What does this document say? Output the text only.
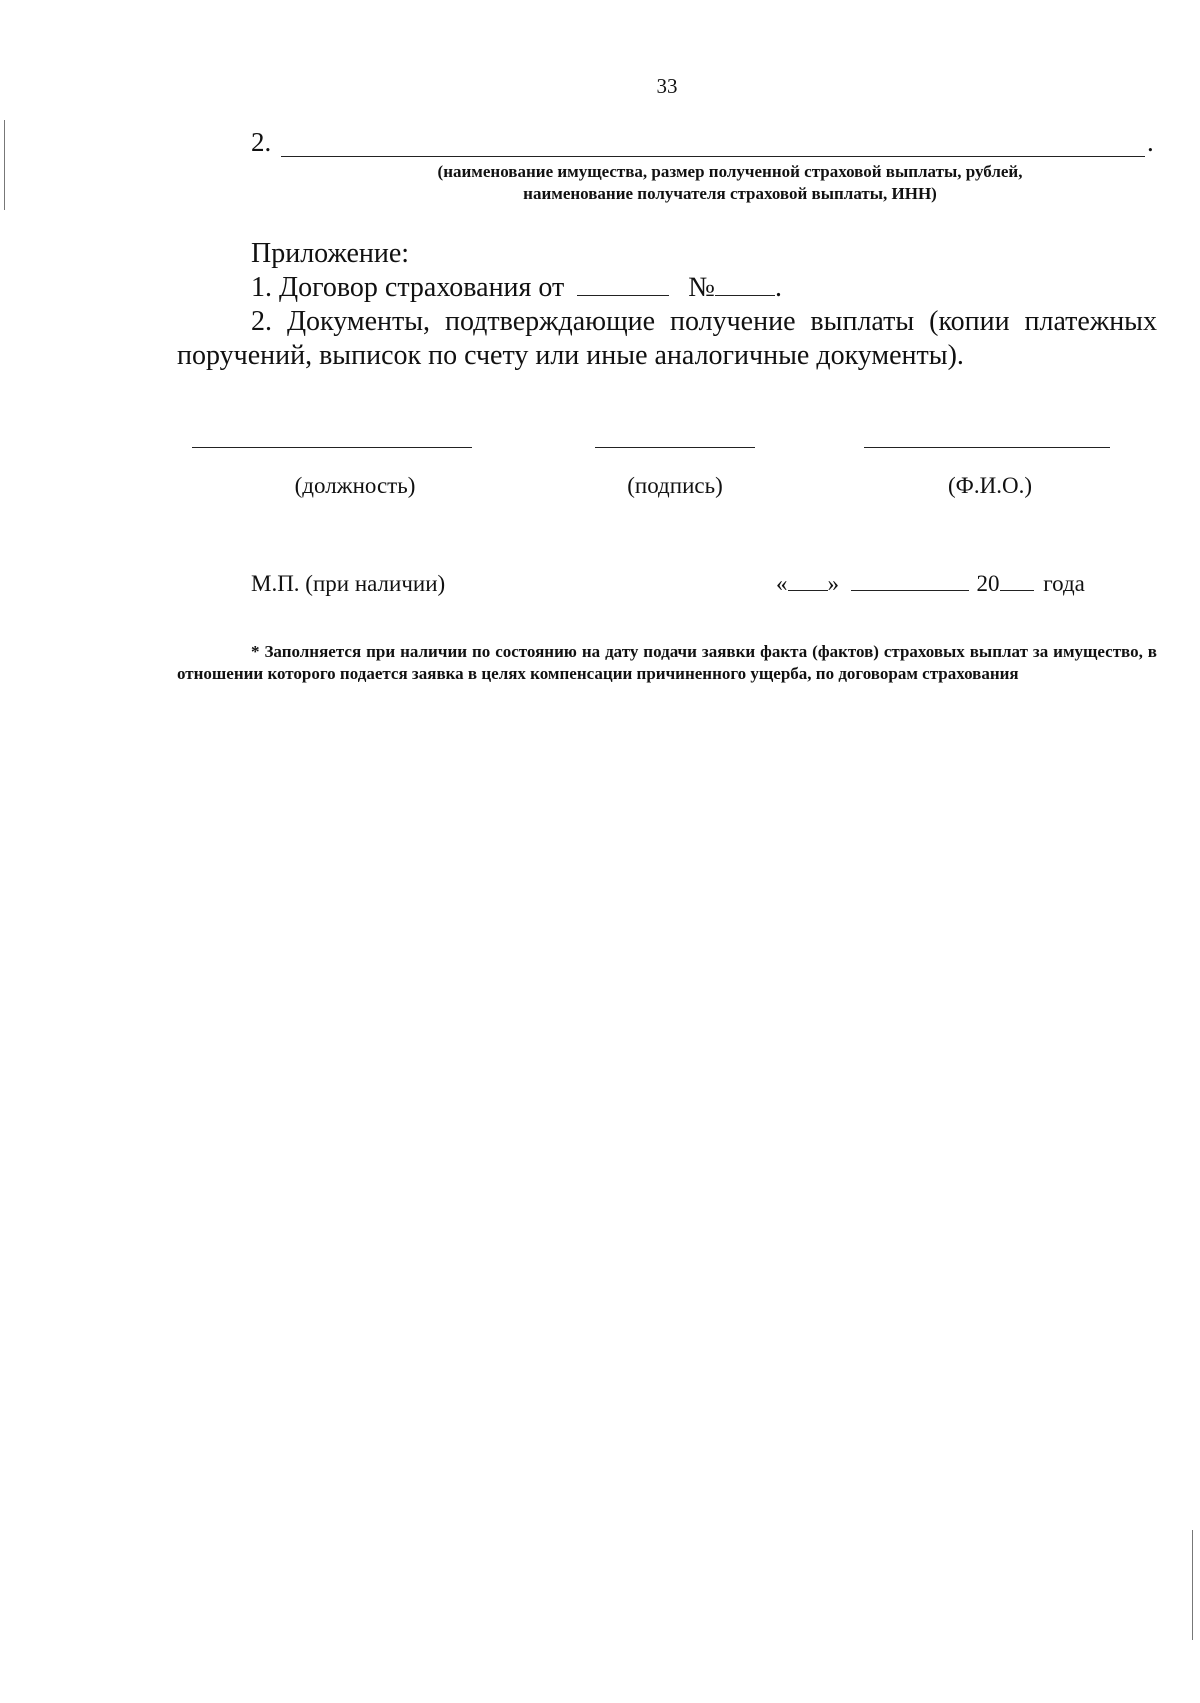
33
2.	.
(наименование имущества, размер полученной страховой выплаты, рублей,
наименование получателя страховой выплаты, ИНН)
Приложение:
1. Договор страхования от	№ .
2. Документы, подтверждающие получение выплаты (копии платежных поручений, выписок по счету или иные аналогичные документы).
(должность)	(подпись)	(Ф.И.О.)
М.П. (при наличии)	« »	20 года
* Заполняется при наличии по состоянию на дату подачи заявки факта (фактов) страховых выплат за имущество, в отношении которого подается заявка в целях компенсации причиненного ущерба, по договорам страхования
